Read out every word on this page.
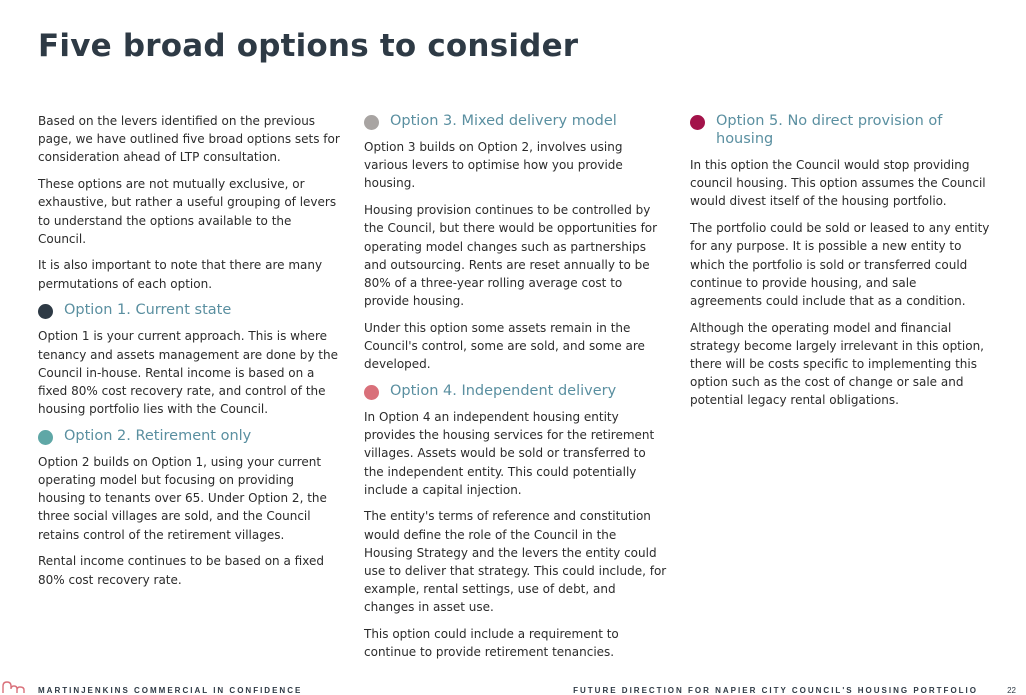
Five broad options to consider

Based on the levers identified on the previous page, we have outlined five broad options sets for consideration ahead of LTP consultation.

These options are not mutually exclusive, or exhaustive, but rather a useful grouping of levers to understand the options available to the Council.

It is also important to note that there are many permutations of each option.

Option 1. Current state

Option 1 is your current approach. This is where tenancy and assets management are done by the Council in-house. Rental income is based on a fixed 80% cost recovery rate, and control of the housing portfolio lies with the Council.

Option 2. Retirement only

Option 2 builds on Option 1, using your current operating model but focusing on providing housing to tenants over 65. Under Option 2, the three social villages are sold, and the Council retains control of the retirement villages.

Rental income continues to be based on a fixed 80% cost recovery rate.

Option 3. Mixed delivery model

Option 3 builds on Option 2, involves using various levers to optimise how you provide housing.

Housing provision continues to be controlled by the Council, but there would be opportunities for operating model changes such as partnerships and outsourcing. Rents are reset annually to be 80% of a three-year rolling average cost to provide housing.

Under this option some assets remain in the Council's control, some are sold, and some are developed.

Option 4. Independent delivery

In Option 4 an independent housing entity provides the housing services for the retirement villages. Assets would be sold or transferred to the independent entity. This could potentially include a capital injection.

The entity's terms of reference and constitution would define the role of the Council in the Housing Strategy and the levers the entity could use to deliver that strategy. This could include, for example, rental settings, use of debt, and changes in asset use.

This option could include a requirement to continue to provide retirement tenancies.

Option 5. No direct provision of housing

In this option the Council would stop providing council housing. This option assumes the Council would divest itself of the housing portfolio.

The portfolio could be sold or leased to any entity for any purpose. It is possible a new entity to which the portfolio is sold or transferred could continue to provide housing, and sale agreements could include that as a condition.

Although the operating model and financial strategy become largely irrelevant in this option, there will be costs specific to implementing this option such as the cost of change or sale and potential legacy rental obligations.

MARTINJENKINS COMMERCIAL IN CONFIDENCE	FUTURE DIRECTION FOR NAPIER CITY COUNCIL'S HOUSING PORTFOLIO	22
